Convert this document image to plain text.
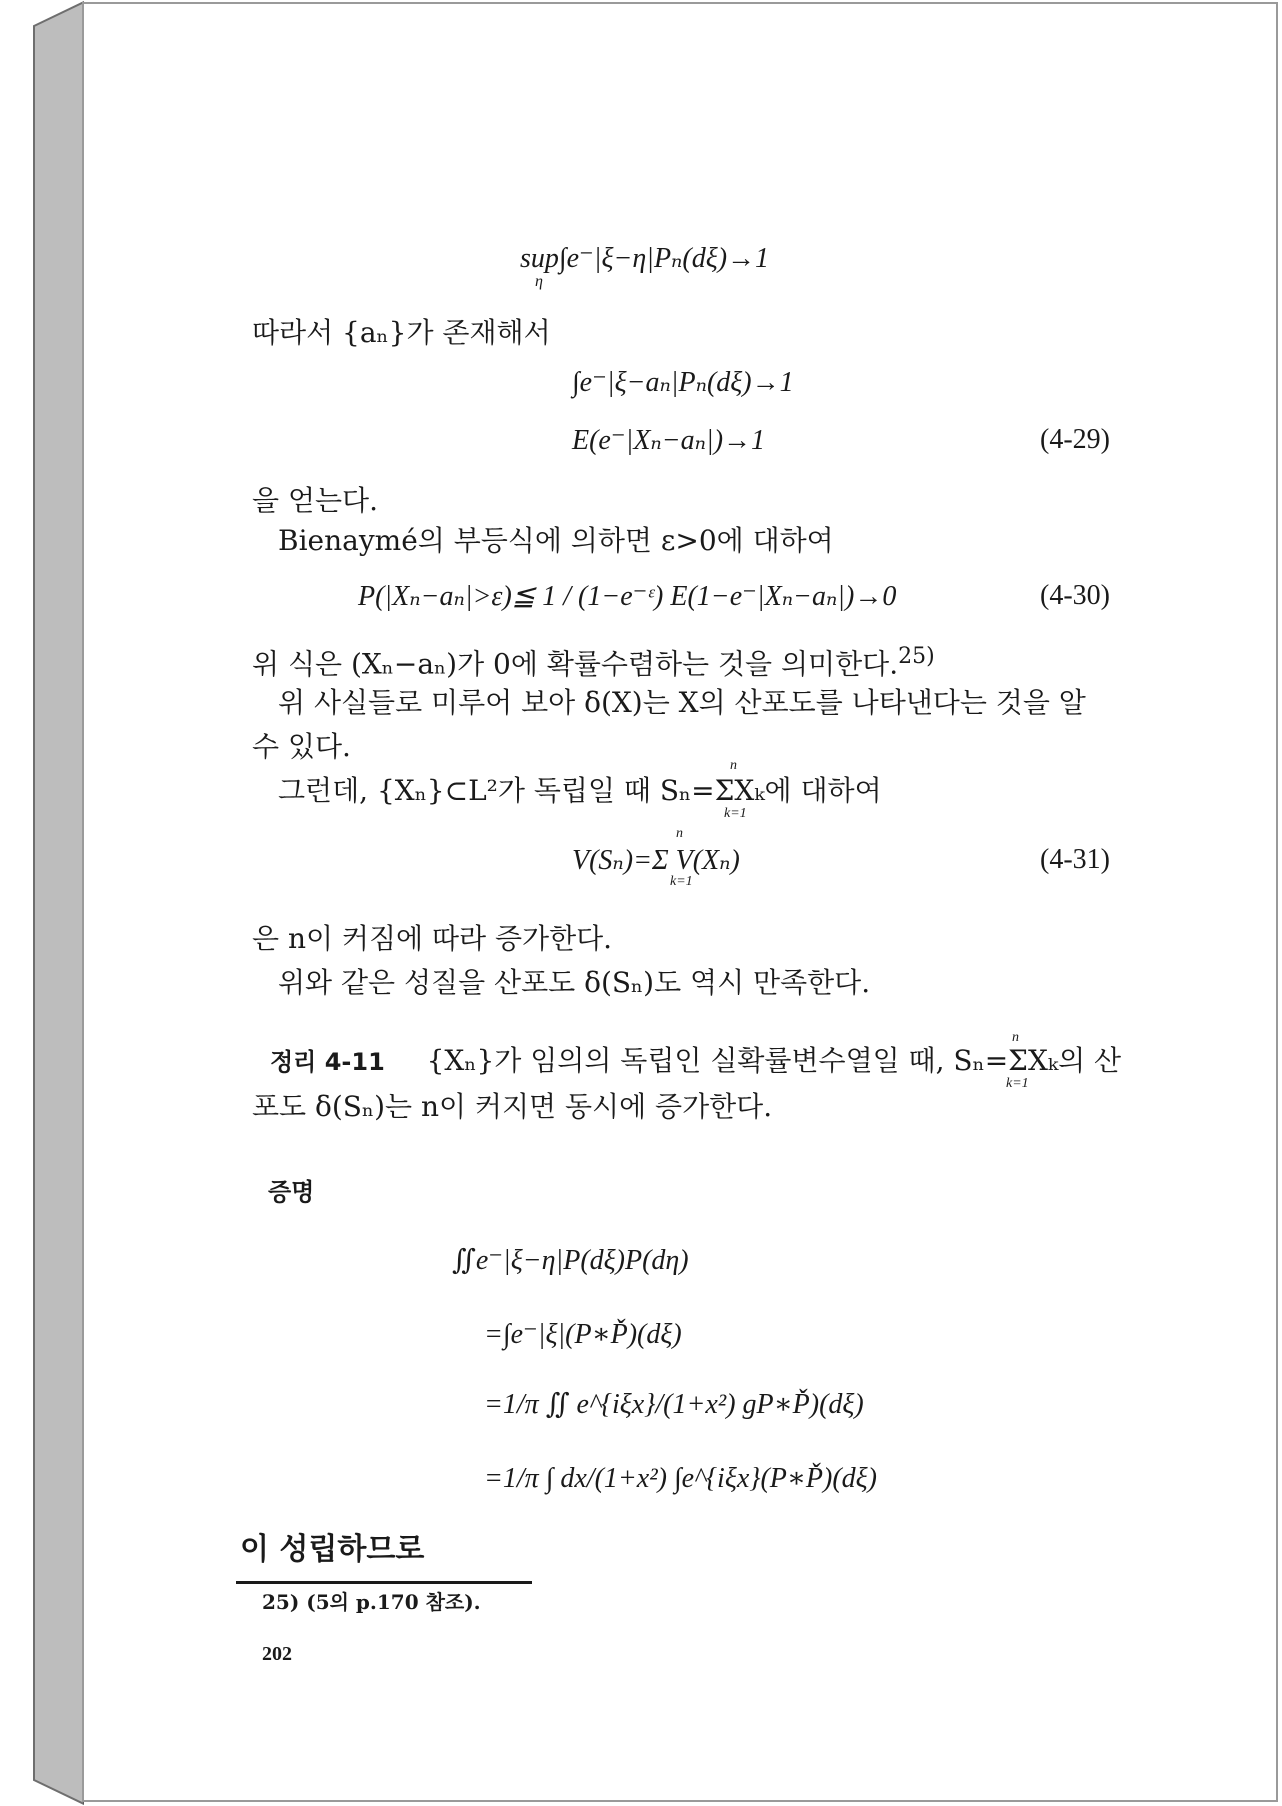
sup∫e⁻|ξ−η|Pₙ(dξ)→1
η
따라서 {aₙ}가 존재해서
∫e⁻|ξ−aₙ|Pₙ(dξ)→1
E(e⁻|Xₙ−aₙ|)→1	(4-29)
을 얻는다.
Bienaymé의 부등식에 의하면 ε>0에 대하여
P(|Xₙ−aₙ|>ε)≦ 1 / (1−e⁻ᵋ) E(1−e⁻|Xₙ−aₙ|)→0	(4-30)
위 식은 (Xₙ−aₙ)가 0에 확률수렴하는 것을 의미한다.$^{25)}$
위 사실들로 미루어 보아 δ(X)는 X의 산포도를 나타낸다는 것을 알
수 있다.
그런데, {Xₙ}⊂L²가 독립일 때 Sₙ=ΣXₖ에 대하여
n
k=1
V(Sₙ)=Σ V(Xₙ)
n
k=1
(4-31)
은 n이 커짐에 따라 증가한다.
위와 같은 성질을 산포도 δ(Sₙ)도 역시 만족한다.
정리 4-11 {Xₙ}가 임의의 독립인 실확률변수열일 때, Sₙ=ΣXₖ의 산
n
k=1
포도 δ(Sₙ)는 n이 커지면 동시에 증가한다.
증명
∬e⁻|ξ−η|P(dξ)P(dη)
=∫e⁻|ξ|(P∗P̌)(dξ)
=1/π ∬ e^{iξx}/(1+x²) gP∗P̌)(dξ)
=1/π ∫ dx/(1+x²) ∫e^{iξx}(P∗P̌)(dξ)
이 성립하므로
25) (5의 p.170 참조).
202
